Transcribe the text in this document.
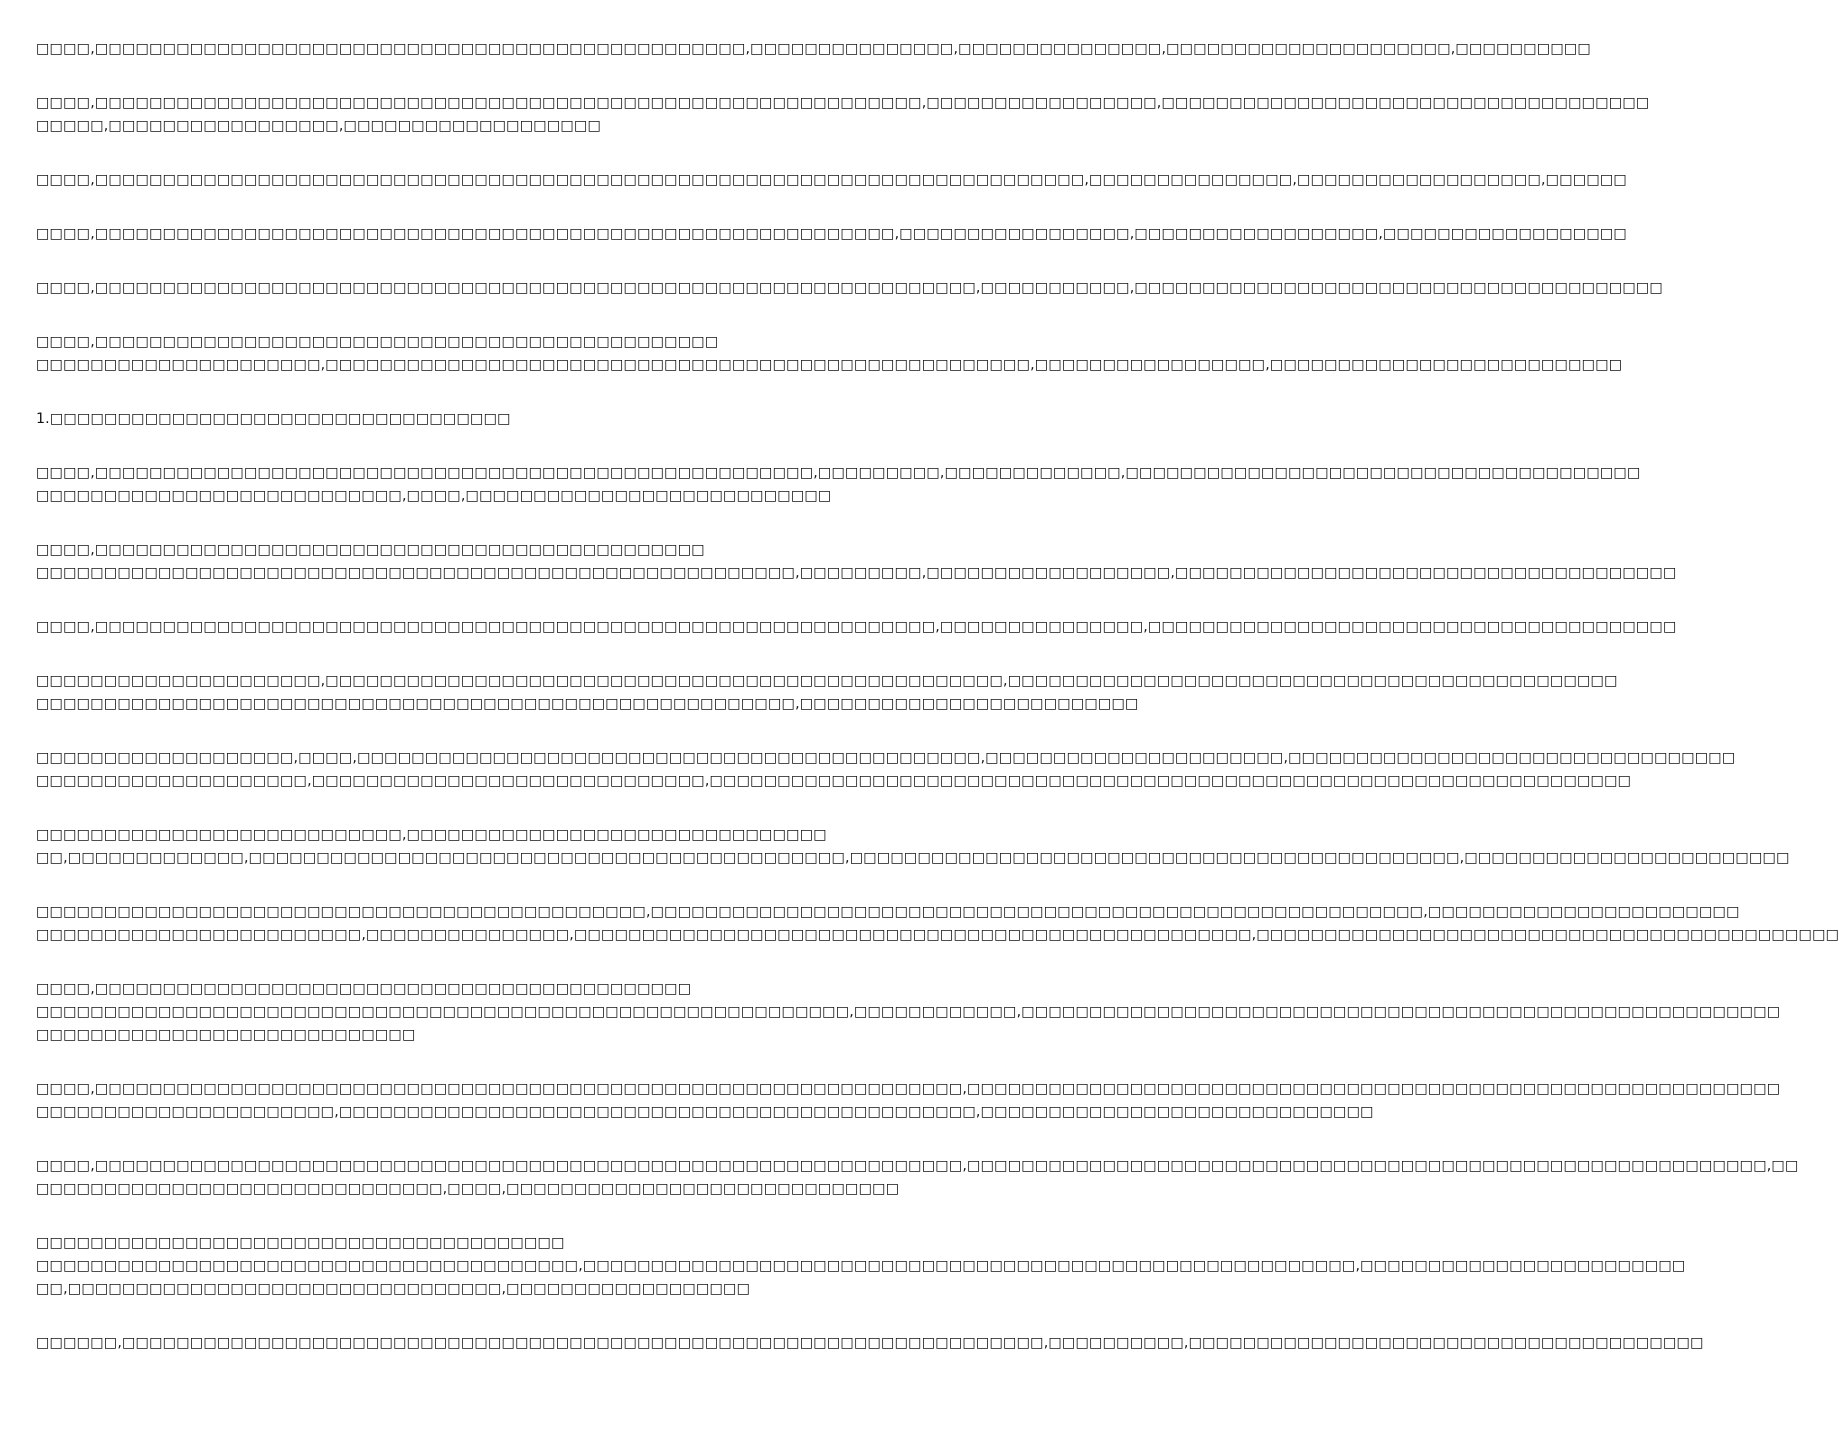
□□□□,□□□□□□□□□□□□□□□□□□□□□□□□□□□□□□□□□□□□□□□□□□□□□□□□,□□□□□□□□□□□□□□□,□□□□□□□□□□□□□□□,□□□□□□□□□□□□□□□□□□□□□,□□□□□□□□□□

□□□□,□□□□□□□□□□□□□□□□□□□□□□□□□□□□□□□□□□□□□□□□□□□□□□□□□□□□□□□□□□□□□,□□□□□□□□□□□□□□□□□,□□□□□□□□□□□□□□□□□□□□□□□□□□□□□□□□□□□□
□□□□□,□□□□□□□□□□□□□□□□□,□□□□□□□□□□□□□□□□□□□

□□□□,□□□□□□□□□□□□□□□□□□□□□□□□□□□□□□□□□□□□□□□□□□□□□□□□□□□□□□□□□□□□□□□□□□□□□□□□□,□□□□□□□□□□□□□□□,□□□□□□□□□□□□□□□□□□,□□□□□□

□□□□,□□□□□□□□□□□□□□□□□□□□□□□□□□□□□□□□□□□□□□□□□□□□□□□□□□□□□□□□□□□,□□□□□□□□□□□□□□□□□,□□□□□□□□□□□□□□□□□□,□□□□□□□□□□□□□□□□□□

□□□□,□□□□□□□□□□□□□□□□□□□□□□□□□□□□□□□□□□□□□□□□□□□□□□□□□□□□□□□□□□□□□□□□□,□□□□□□□□□□□,□□□□□□□□□□□□□□□□□□□□□□□□□□□□□□□□□□□□□□□

□□□□,□□□□□□□□□□□□□□□□□□□□□□□□□□□□□□□□□□□□□□□□□□□□□□
□□□□□□□□□□□□□□□□□□□□□,□□□□□□□□□□□□□□□□□□□□□□□□□□□□□□□□□□□□□□□□□□□□□□□□□□□□,□□□□□□□□□□□□□□□□□,□□□□□□□□□□□□□□□□□□□□□□□□□□

1.□□□□□□□□□□□□□□□□□□□□□□□□□□□□□□□□□□

□□□□,□□□□□□□□□□□□□□□□□□□□□□□□□□□□□□□□□□□□□□□□□□□□□□□□□□□□□,□□□□□□□□□,□□□□□□□□□□□□□,□□□□□□□□□□□□□□□□□□□□□□□□□□□□□□□□□□□□□□
□□□□□□□□□□□□□□□□□□□□□□□□□□□,□□□□,□□□□□□□□□□□□□□□□□□□□□□□□□□□

□□□□,□□□□□□□□□□□□□□□□□□□□□□□□□□□□□□□□□□□□□□□□□□□□□
□□□□□□□□□□□□□□□□□□□□□□□□□□□□□□□□□□□□□□□□□□□□□□□□□□□□□□□□,□□□□□□□□□,□□□□□□□□□□□□□□□□□□,□□□□□□□□□□□□□□□□□□□□□□□□□□□□□□□□□□□□□

□□□□,□□□□□□□□□□□□□□□□□□□□□□□□□□□□□□□□□□□□□□□□□□□□□□□□□□□□□□□□□□□□□□,□□□□□□□□□□□□□□□,□□□□□□□□□□□□□□□□□□□□□□□□□□□□□□□□□□□□□□□

□□□□□□□□□□□□□□□□□□□□□,□□□□□□□□□□□□□□□□□□□□□□□□□□□□□□□□□□□□□□□□□□□□□□□□□□,□□□□□□□□□□□□□□□□□□□□□□□□□□□□□□□□□□□□□□□□□□□□□
□□□□□□□□□□□□□□□□□□□□□□□□□□□□□□□□□□□□□□□□□□□□□□□□□□□□□□□□,□□□□□□□□□□□□□□□□□□□□□□□□□

□□□□□□□□□□□□□□□□□□□,□□□□,□□□□□□□□□□□□□□□□□□□□□□□□□□□□□□□□□□□□□□□□□□□□□□,□□□□□□□□□□□□□□□□□□□□□□,□□□□□□□□□□□□□□□□□□□□□□□□□□□□□□□□□
□□□□□□□□□□□□□□□□□□□□,□□□□□□□□□□□□□□□□□□□□□□□□□□□□□,□□□□□□□□□□□□□□□□□□□□□□□□□□□□□□□□□□□□□□□□□□□□□□□□□□□□□□□□□□□□□□□□□□□□

□□□□□□□□□□□□□□□□□□□□□□□□□□□,□□□□□□□□□□□□□□□□□□□□□□□□□□□□□□□
□□,□□□□□□□□□□□□□,□□□□□□□□□□□□□□□□□□□□□□□□□□□□□□□□□□□□□□□□□□□□,□□□□□□□□□□□□□□□□□□□□□□□□□□□□□□□□□□□□□□□□□□□□□,□□□□□□□□□□□□□□□□□□□□□□□□

□□□□□□□□□□□□□□□□□□□□□□□□□□□□□□□□□□□□□□□□□□□□□,□□□□□□□□□□□□□□□□□□□□□□□□□□□□□□□□□□□□□□□□□□□□□□□□□□□□□□□□□,□□□□□□□□□□□□□□□□□□□□□□□
□□□□□□□□□□□□□□□□□□□□□□□□,□□□□□□□□□□□□□□□,□□□□□□□□□□□□□□□□□□□□□□□□□□□□□□□□□□□□□□□□□□□□□□□□□□,□□□□□□□□□□□□□□□□□□□□□□□□□□□□□□□□□□□□□□□□□□□

□□□□,□□□□□□□□□□□□□□□□□□□□□□□□□□□□□□□□□□□□□□□□□□□□
□□□□□□□□□□□□□□□□□□□□□□□□□□□□□□□□□□□□□□□□□□□□□□□□□□□□□□□□□□□□,□□□□□□□□□□□□,□□□□□□□□□□□□□□□□□□□□□□□□□□□□□□□□□□□□□□□□□□□□□□□□□□□□□□□□
□□□□□□□□□□□□□□□□□□□□□□□□□□□□

□□□□,□□□□□□□□□□□□□□□□□□□□□□□□□□□□□□□□□□□□□□□□□□□□□□□□□□□□□□□□□□□□□□□□,□□□□□□□□□□□□□□□□□□□□□□□□□□□□□□□□□□□□□□□□□□□□□□□□□□□□□□□□□□□□
□□□□□□□□□□□□□□□□□□□□□□,□□□□□□□□□□□□□□□□□□□□□□□□□□□□□□□□□□□□□□□□□□□□□□□,□□□□□□□□□□□□□□□□□□□□□□□□□□□□□

□□□□,□□□□□□□□□□□□□□□□□□□□□□□□□□□□□□□□□□□□□□□□□□□□□□□□□□□□□□□□□□□□□□□□,□□□□□□□□□□□□□□□□□□□□□□□□□□□□□□□□□□□□□□□□□□□□□□□□□□□□□□□□□□□,□□
□□□□□□□□□□□□□□□□□□□□□□□□□□□□□□,□□□□,□□□□□□□□□□□□□□□□□□□□□□□□□□□□□

□□□□□□□□□□□□□□□□□□□□□□□□□□□□□□□□□□□□□□□
□□□□□□□□□□□□□□□□□□□□□□□□□□□□□□□□□□□□□□□□,□□□□□□□□□□□□□□□□□□□□□□□□□□□□□□□□□□□□□□□□□□□□□□□□□□□□□□□□□,□□□□□□□□□□□□□□□□□□□□□□□□
□□,□□□□□□□□□□□□□□□□□□□□□□□□□□□□□□□□,□□□□□□□□□□□□□□□□□□

□□□□□□,□□□□□□□□□□□□□□□□□□□□□□□□□□□□□□□□□□□□□□□□□□□□□□□□□□□□□□□□□□□□□□□□□□□□,□□□□□□□□□□,□□□□□□□□□□□□□□□□□□□□□□□□□□□□□□□□□□□□□□
